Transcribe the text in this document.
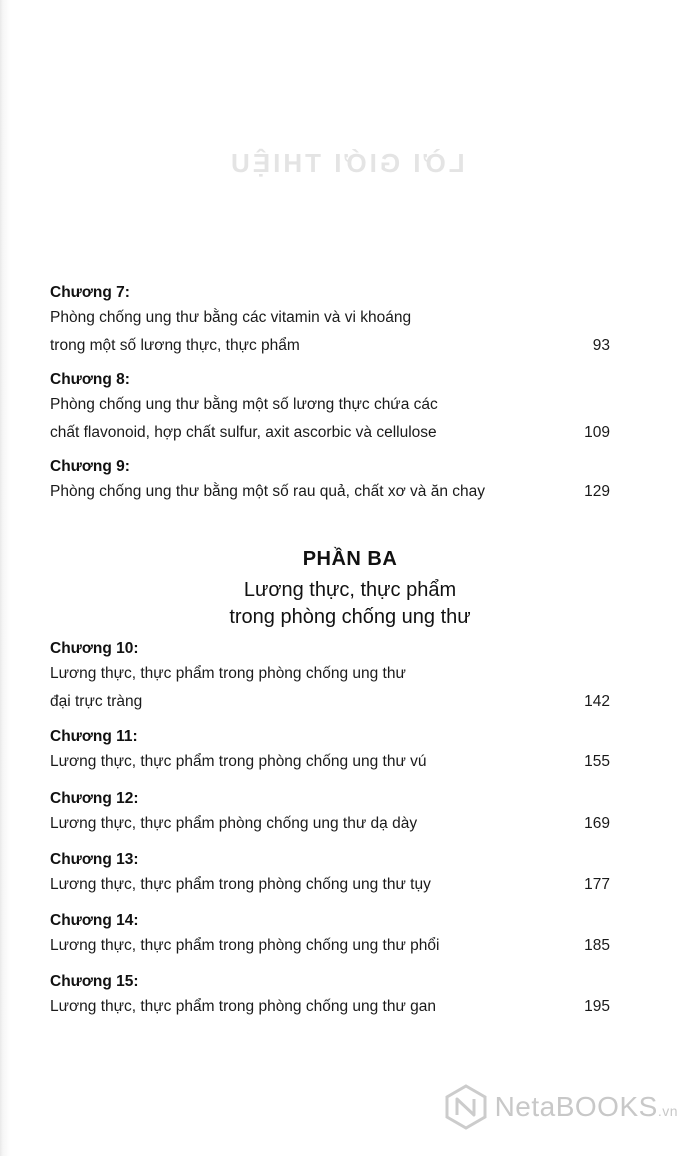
LỜI GIỚI THIỆU
Chương 7:
Phòng chống ung thư bằng các vitamin và vi khoáng
trong một số lương thực, thực phẩm	93
Chương 8:
Phòng chống ung thư bằng một số lương thực chứa các
chất flavonoid, hợp chất sulfur, axit ascorbic và cellulose	109
Chương 9:
Phòng chống ung thư bằng một số rau quả, chất xơ và ăn chay	129
PHẦN BA
Lương thực, thực phẩm
trong phòng chống ung thư
Chương 10:
Lương thực, thực phẩm trong phòng chống ung thư
đại trực tràng	142
Chương 11:
Lương thực, thực phẩm trong phòng chống ung thư vú	155
Chương 12:
Lương thực, thực phẩm phòng chống ung thư dạ dày	169
Chương 13:
Lương thực, thực phẩm trong phòng chống ung thư tụy	177
Chương 14:
Lương thực, thực phẩm trong phòng chống ung thư phổi	185
Chương 15:
Lương thực, thực phẩm trong phòng chống ung thư gan	195
NetaBOOKS.vn
